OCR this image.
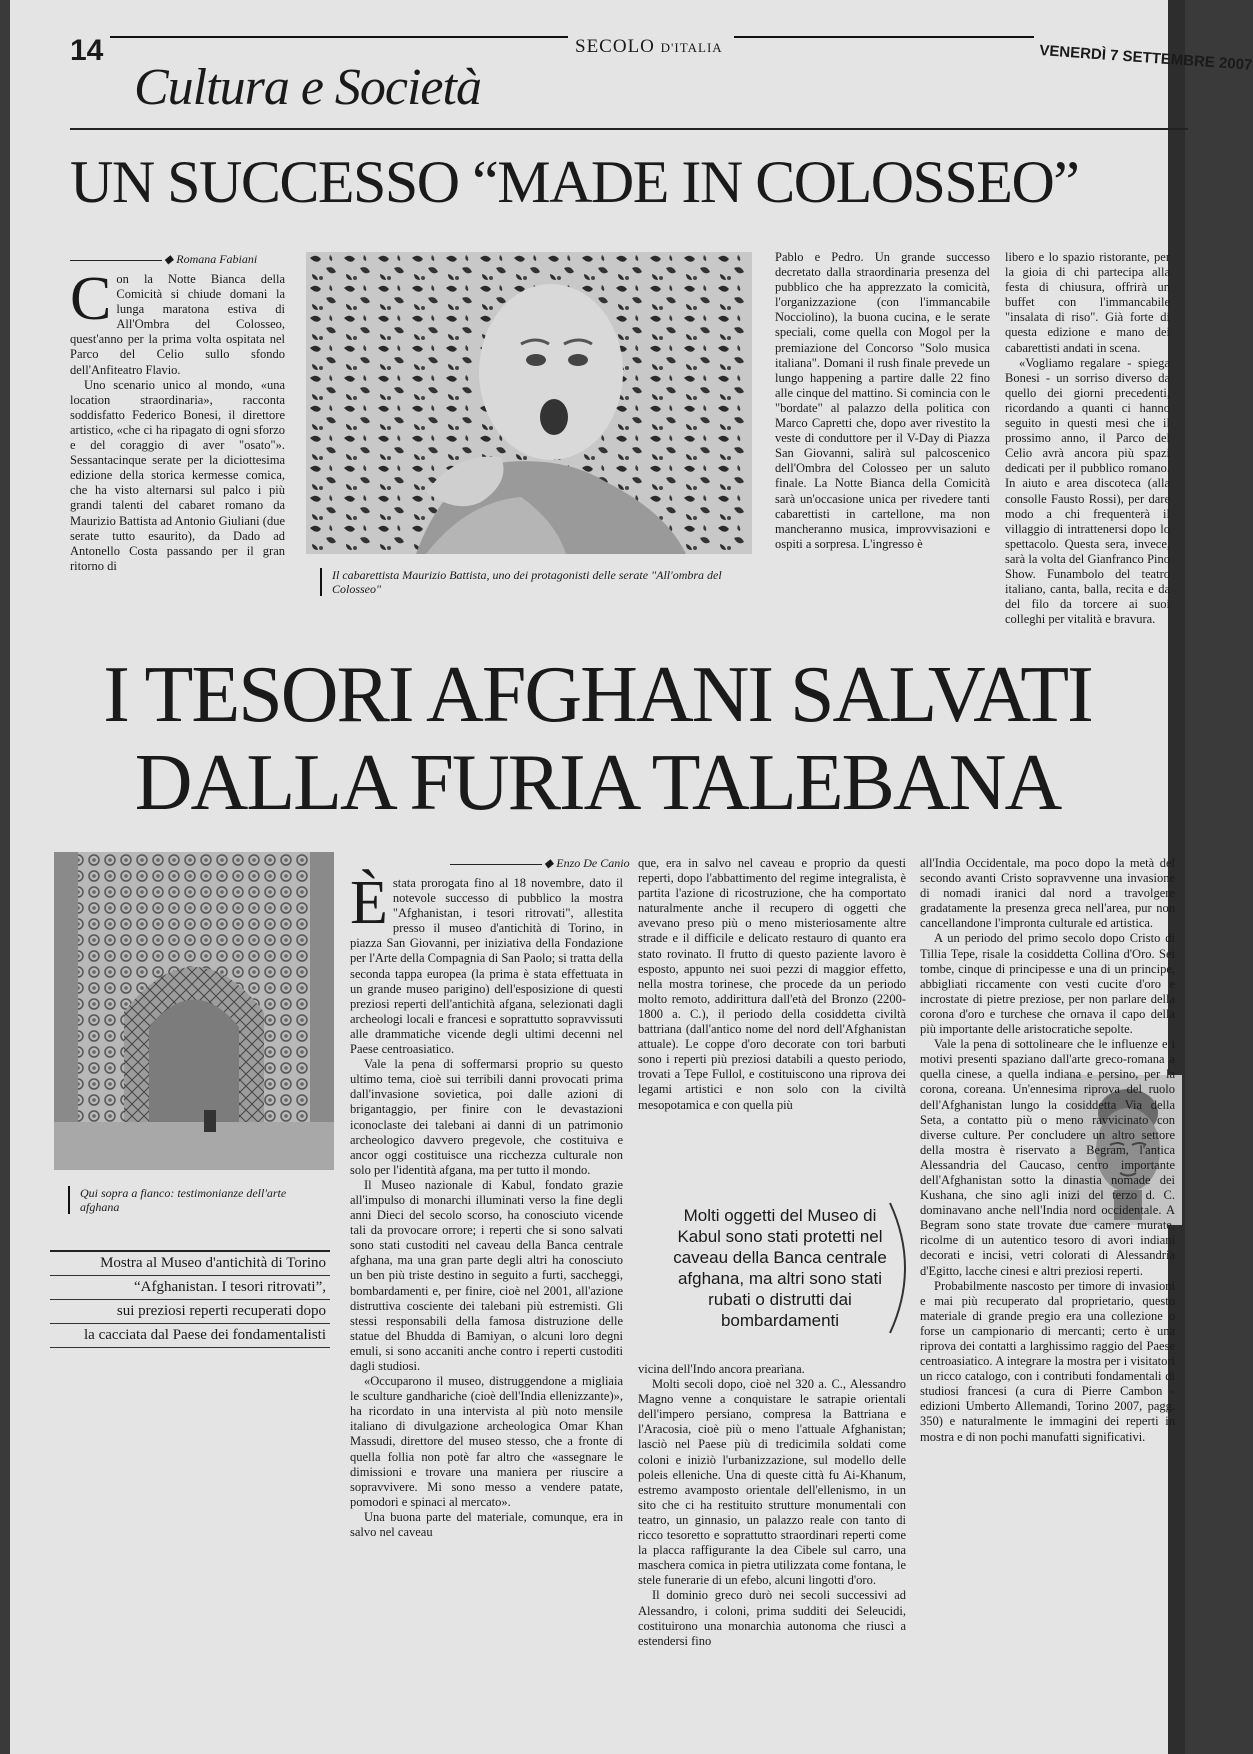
14	SECOLO D'ITALIA	VENERDÌ 7 SETTEMBRE 2007
Cultura e Società
UN SUCCESSO “MADE IN COLOSSEO”
◆ Romana Fabiani

Con la Notte Bianca della Comicità si chiude domani la lunga maratona estiva di All'Ombra del Colosseo, quest'anno per la prima volta ospitata nel Parco del Celio sullo sfondo dell'Anfiteatro Flavio.

Uno scenario unico al mondo, «una location straordinaria», racconta soddisfatto Federico Bonesi, il direttore artistico, «che ci ha ripagato di ogni sforzo e del coraggio di aver "osato"». Sessantacinque serate per la diciottesima edizione della storica kermesse comica, che ha visto alternarsi sul palco i più grandi talenti del cabaret romano da Maurizio Battista ad Antonio Giuliani (due serate tutto esaurito), da Dado ad Antonello Costa passando per il gran ritorno di

Il cabarettista Maurizio Battista, uno dei protagonisti delle serate "All'ombra del Colosseo"

Pablo e Pedro. Un grande successo decretato dalla straordinaria presenza del pubblico che ha apprezzato la comicità, l'organizzazione (con l'immancabile Nocciolino), la buona cucina, e le serate speciali, come quella con Mogol per la premiazione del Concorso "Solo musica italiana". Domani il rush finale prevede un lungo happening a partire dalle 22 fino alle cinque del mattino. Si comincia con le "bordate" al palazzo della politica con Marco Capretti che, dopo aver rivestito la veste di conduttore per il V-Day di Piazza San Giovanni, salirà sul palcoscenico dell'Ombra del Colosseo per un saluto finale. La Notte Bianca della Comicità sarà un'occasione unica per rivedere tanti cabarettisti in cartellone, ma non mancheranno musica, improvvisazioni e ospiti a sorpresa. L'ingresso è

libero e lo spazio ristorante, per la gioia di chi partecipa alla festa di chiusura, offrirà un buffet con l'immancabile "insalata di riso". Già forte di questa edizione e mano dei cabarettisti andati in scena.

«Vogliamo regalare - spiega Bonesi - un sorriso diverso da quello dei giorni precedenti, ricordando a quanti ci hanno seguito in questi mesi che il prossimo anno, il Parco del Celio avrà ancora più spazi dedicati per il pubblico romano. In aiuto e area discoteca (alla consolle Fausto Rossi), per dare modo a chi frequenterà il villaggio di intrattenersi dopo lo spettacolo. Questa sera, invece, sarà la volta del Gianfranco Pino Show. Funambolo del teatro italiano, canta, balla, recita e da del filo da torcere ai suoi colleghi per vitalità e bravura.

I TESORI AFGHANI SALVATI
DALLA FURIA TALEBANA
◆ Enzo De Canio
Qui sopra a fianco: testimonianze dell'arte afghana
Mostra al Museo d'antichità di Torino
“Afghanistan. I tesori ritrovati”,
sui preziosi reperti recuperati dopo
la cacciata dal Paese dei fondamentalisti

Èstata prorogata fino al 18 novembre, dato il notevole successo di pubblico la mostra "Afghanistan, i tesori ritrovati", allestita presso il museo d'antichità di Torino, in piazza San Giovanni, per iniziativa della Fondazione per l'Arte della Compagnia di San Paolo; si tratta della seconda tappa europea (la prima è stata effettuata in un grande museo parigino) dell'esposizione di questi preziosi reperti dell'antichità afgana, selezionati dagli archeologi locali e francesi e soprattutto sopravvissuti alle drammatiche vicende degli ultimi decenni nel Paese centroasiatico.

Vale la pena di soffermarsi proprio su questo ultimo tema, cioè sui terribili danni provocati prima dall'invasione sovietica, poi dalle azioni di brigantaggio, per finire con le devastazioni iconoclaste dei talebani ai danni di un patrimonio archeologico davvero pregevole, che costituiva e ancor oggi costituisce una ricchezza culturale non solo per l'identità afgana, ma per tutto il mondo.

Il Museo nazionale di Kabul, fondato grazie all'impulso di monarchi illuminati verso la fine degli anni Dieci del secolo scorso, ha conosciuto vicende tali da provocare orrore; i reperti che si sono salvati sono stati custoditi nel caveau della Banca centrale afghana, ma una gran parte degli altri ha conosciuto un ben più triste destino in seguito a furti, saccheggi, bombardamenti e, per finire, cioè nel 2001, all'azione distruttiva cosciente dei talebani più estremisti. Gli stessi responsabili della famosa distruzione delle statue del Bhudda di Bamiyan, o alcuni loro degni emuli, si sono accaniti anche contro i reperti custoditi dagli studiosi.

«Occuparono il museo, distruggendone a migliaia le sculture gandhariche (cioè dell'India ellenizzante)», ha ricordato in una intervista al più noto mensile italiano di divulgazione archeologica Omar Khan Massudi, direttore del museo stesso, che a fronte di quella follia non potè far altro che «assegnare le dimissioni e trovare una maniera per riuscire a sopravvivere. Mi sono messo a vendere patate, pomodori e spinaci al mercato».

Una buona parte del materiale, comunque, era in salvo nel caveau

que, era in salvo nel caveau e proprio da questi reperti, dopo l'abbattimento del regime integralista, è partita l'azione di ricostruzione, che ha comportato naturalmente anche il recupero di oggetti che avevano preso più o meno misteriosamente altre strade e il difficile e delicato restauro di quanto era stato rovinato. Il frutto di questo paziente lavoro è esposto, appunto nei suoi pezzi di maggior effetto, nella mostra torinese, che procede da un periodo molto remoto, addirittura dall'età del Bronzo (2200-1800 a. C.), il periodo della cosiddetta civiltà battriana (dall'antico nome del nord dell'Afghanistan attuale). Le coppe d'oro decorate con tori barbuti sono i reperti più preziosi databili a questo periodo, trovati a Tepe Fullol, e costituiscono una riprova dei legami artistici e non solo con la civiltà mesopotamica e con quella più

Molti oggetti del Museo di Kabul sono stati protetti nel caveau della Banca centrale afghana, ma altri sono stati rubati o distrutti dai bombardamenti

vicina dell'Indo ancora prearìana.

Molti secoli dopo, cioè nel 320 a. C., Alessandro Magno venne a conquistare le satrapie orientali dell'impero persiano, compresa la Battriana e l'Aracosia, cioè più o meno l'attuale Afghanistan; lasciò nel Paese più di tredicimila soldati come coloni e iniziò l'urbanizzazione, sul modello delle poleis elleniche. Una di queste città fu Ai-Khanum, estremo avamposto orientale dell'ellenismo, in un sito che ci ha restituito strutture monumentali con teatro, un ginnasio, un palazzo reale con tanto di ricco tesoretto e soprattutto straordinari reperti come la placca raffigurante la dea Cibele sul carro, una maschera comica in pietra utilizzata come fontana, le stele funerarie di un efebo, alcuni lingotti d'oro.

Il dominio greco durò nei secoli successivi ad Alessandro, i coloni, prima sudditi dei Seleucidi, costituirono una monarchia autonoma che riuscì a estendersi fino

all'India Occidentale, ma poco dopo la metà del secondo avanti Cristo sopravvenne una invasione di nomadi iranici dal nord a travolgere gradatamente la presenza greca nell'area, pur non cancellandone l'impronta culturale ed artistica.

A un periodo del primo secolo dopo Cristo di Tillia Tepe, risale la cosiddetta Collina d'Oro. Sei tombe, cinque di principesse e una di un principe, abbigliati riccamente con vesti cucite d'oro e incrostate di pietre preziose, per non parlare della corona d'oro e turchese che ornava il capo della più importante delle aristocratiche sepolte.

Vale la pena di sottolineare che le influenze e i motivi presenti spaziano dall'arte greco-romana a quella cinese, a quella indiana e persino, per la corona, coreana. Un'ennesima riprova del ruolo dell'Afghanistan lungo la cosiddetta Via della Seta, a contatto più o meno ravvicinato con diverse culture. Per concludere un altro settore della mostra è riservato a Begram, l'antica Alessandria del Caucaso, centro importante dell'Afghanistan sotto la dinastia nomade dei Kushana, che sino agli inizi del terzo d. C. dominavano anche nell'India nord occidentale. A Begram sono state trovate due camere murate, ricolme di un autentico tesoro di avori indiani decorati e incisi, vetri colorati di Alessandria d'Egitto, lacche cinesi e altri preziosi reperti.

Probabilmente nascosto per timore di invasioni e mai più recuperato dal proprietario, questo materiale di grande pregio era una collezione o forse un campionario di mercanti; certo è una riprova dei contatti a larghissimo raggio del Paese centroasiatico. A integrare la mostra per i visitatori un ricco catalogo, con i contributi fondamentali di studiosi francesi (a cura di Pierre Cambon - edizioni Umberto Allemandi, Torino 2007, pagg. 350) e naturalmente le immagini dei reperti in mostra e di non pochi manufatti significativi.
